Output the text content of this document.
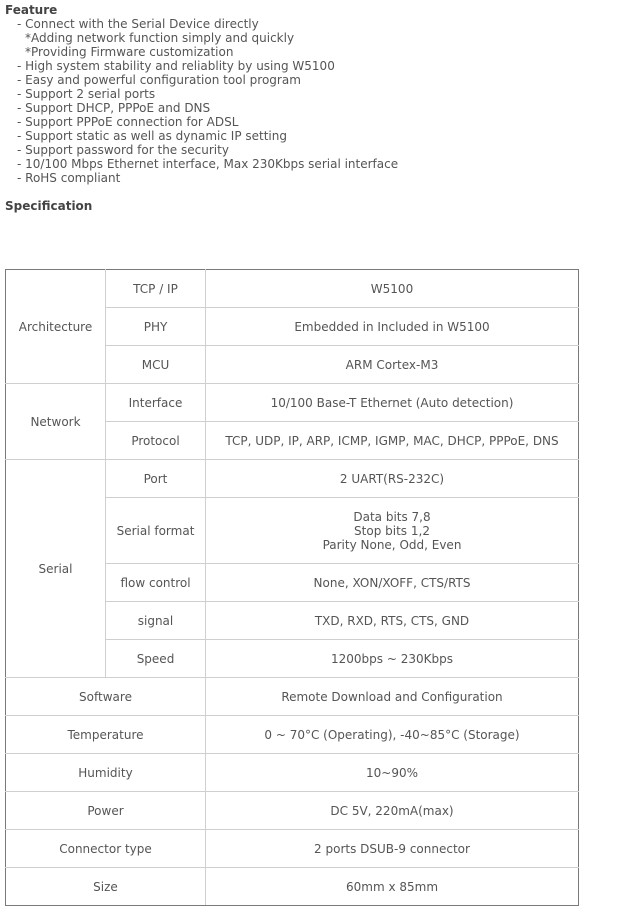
Feature
- Connect with the Serial Device directly
*Adding network function simply and quickly
*Providing Firmware customization
- High system stability and reliablity by using W5100
- Easy and powerful configuration tool program
- Support 2 serial ports
- Support DHCP, PPPoE and DNS
- Support PPPoE connection for ADSL
- Support static as well as dynamic IP setting
- Support password for the security
- 10/100 Mbps Ethernet interface, Max 230Kbps serial interface
- RoHS compliant
Specification
Architecture	TCP / IP	W5100
	PHY	Embedded in Included in W5100
	MCU	ARM Cortex-M3
Network	Interface	10/100 Base-T Ethernet (Auto detection)
	Protocol	TCP, UDP, IP, ARP, ICMP, IGMP, MAC, DHCP, PPPoE, DNS
Serial	Port	2 UART(RS-232C)
	Serial format	Data bits 7,8
Stop bits 1,2
Parity None, Odd, Even

	flow control	None, XON/XOFF, CTS/RTS
	signal	TXD, RXD, RTS, CTS, GND
	Speed	1200bps ~ 230Kbps
Software		Remote Download and Configuration
Temperature		0 ~ 70°C (Operating), -40~85°C (Storage)
Humidity		10~90%
Power		DC 5V, 220mA(max)
Connector type		2 ports DSUB-9 connector
Size		60mm x 85mm
